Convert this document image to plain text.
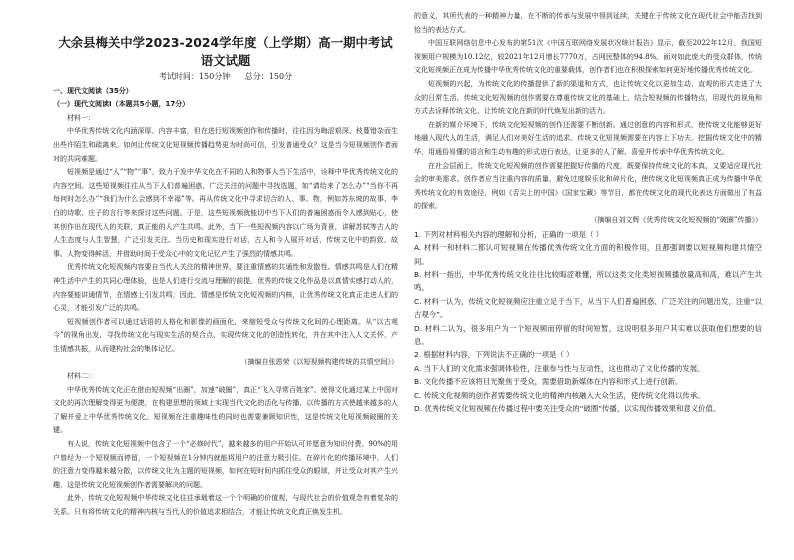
大余县梅关中学2023-2024学年度（上学期）高一期中考试
语文试题
考试时间：150分钟 总分：150分

一、现代文阅读（35分）

（一）现代文阅读Ⅰ（本题共5小题，17分）

材料一：

中华优秀传统文化内涵深厚、内容丰富，但在进行短视频创作和传播时，往往因为晦涩艰深、枝蔓错杂而生出些许陌生和疏离来。如何让传统文化短视频传播趋势更为时尚可信，引发普通受众？这是当今短视频创作者面对的共同难题。

短视频是通过“人”“物”“事”，致力于发中华文化在不同的人和物事人当下生活中，诠释中华优秀传统文化的内容空间。这些短视频往往从当下人们普遍困惑，广泛关注的问题中寻找选题，如“请给来了怎么办”“当你不再每何时怎么办”“我们为什么会感到不幸福”等。再从传统文化中寻求切合的人、事、物，例如苏东坡的故事、李白的诗歌、庄子的言行等来探讨这些问题。于是，这些短视频就能切中当下人们的普遍困惑而令人感到贴心，使其创作出在现代人的关联，真正能的人产生共鸣。此外，当下一些短视频内容以广场为背景，讲解苏轼等古人的人生态度与人生智慧，广泛引发关注。当历史和现实进行对话，古人和今人展开对话，传统文化中的韵致、故事、人物变得鲜活，并借助时间于受众心中的文化记忆产生了强烈的情感共鸣。

优秀传统文化短视频内容要自当代人关注的精神世界，要注重情感的共通性和发散性。情感共鸣是人们在精神生活中产生的共同心理体验，也是人们进行交流与理解的前提。优秀的传统文化作品是以真情实感打动人的，内容要能讲通情节，在情感上引发共鸣，因此，情感是传统文化短视频的内核，让优秀传统文化真正走进人们的心灵，才能引发广泛的共鸣。

短视频创作者可以通过话语的人格化和影像的画面化，来缩短受众与传统文化间的心理距离。从“以古观今”的视角出发，寻找传统文化与现实生活的契合点，实现传统文化的创造性转化，并在其中注入人文关怀，产生情感共振，从而建构社会的集体记忆。

（摘编自张恩荣《以短视频构建传统的共情空间》）

材料二：

中华优秀传统文化正在借由短视频“出圈”，加速“破圈”，真正“飞入寻常百姓家”。使得文化通过某上中国对文化的再次理解变得更为便捷，在构建思想的领域上实现当代文化的活化与传播，以传播的方式使越来越多的人了解并爱上中华优秀传统文化。短视频在注重趣味性的同时也需要兼顾知识性，这是传统文化短视频破圈的关键。

有人说，传统文化短视频中包含了一个“必修时代”，越来越多的用户开始认可并愿意为知识付费。90%的用户曾经为一个短视频而停留，一个短视频在1分钟内就能将用户的注意力吸引住。在碎片化的传播环境中，人们的注意力变得越来越分散，以传统文化为主题的短视频，如何在短时间内抓住受众的眼球，并让受众对其产生兴趣，这是传统文化短视频创作者需要解决的问题。

此外，传统文化短视频中华传统文化往往承载着这一个个明确的价值观，与现代社会的价值观念有着复杂的关系。只有将传统文化的精神内核与当代人的价值追求相结合，才能让传统文化真正焕发生机。

的意义，其所代表的一种精神力量，在不断的传承与发展中得到延续，关键在于传统文化在现代社会中能否找到恰当的表达方式。

中国互联网络信息中心发布的第51次《中国互联网络发展状况统计报告》显示，截至2022年12月，我国短视频用户规模为10.12亿，较2021年12月增长7770万，占网民整体的94.8%。面对如此庞大的受众群体，传统文化短视频正在成为传播中华优秀传统文化的重要载体，创作者们也在积极探索如何更好地传播优秀传统文化。

短视频的兴起，为传统文化的传播提供了新的渠道和方式，也让传统文化以更加生动、直观的形式走进了大众的日常生活。传统文化短视频的创作需要在尊重传统文化的基础上，结合短视频的传播特点，用现代的视角和方式去诠释传统文化，让传统文化在新的时代焕发出新的活力。

在新的媒介环境下，传统文化短视频的创作还需要不断创新。通过创意的内容和形式，使传统文化能够更好地融入现代人的生活，满足人们对美好生活的追求。传统文化短视频需要在内容上下功夫，挖掘传统文化中的精华，用通俗易懂的语言和生动有趣的形式进行表达，让更多的人了解、喜爱并传承中华优秀传统文化。

在社会层面上，传统文化短视频的创作需要把握好传播的尺度，既要保持传统文化的本真，又要适应现代社会的审美需求。创作者应当注重内容的质量，避免过度娱乐化和碎片化，使传统文化短视频真正成为传播中华优秀传统文化的有效途径，例如《舌尖上的中国》《国家宝藏》等节目，都在传统文化的现代化表达方面做出了有益的探索。

（摘编自刘文辉《优秀传统文化短视频的“破圈”传播》）

1. 下列对材料相关内容的理解和分析，正确的一项是（ ）

A. 材料一和材料二都认可短视频在传播优秀传统文化方面的积极作用，且都强调要以短视频构建共情空间。

B. 材料一指出，中华优秀传统文化往往比较晦涩难懂，所以这类文化类短视频播放量高和高，难以产生共鸣。

C. 材料一认为，传统文化短视频应注重立足于当下，从当下人们普遍困惑、广泛关注的问题出发，注重“以古观今”。

D. 材料二认为，很多用户为一个短视频而停留的时间短暂，这说明很多用户其实难以获取他们想要的信息。

2. 根据材料内容，下列说法不正确的一项是（ ）

A. 当下人们的文化需求强调体验性，注重参与性与互动性，这也推动了文化传播的发展。

B. 文化传播不应该将目光聚焦于受众，需要借助新媒体在内容和形式上进行创新。

C. 传统文化视频的创作者需要传统文化的精神内核融入大众生活，使传统文化得以传承。

D. 优秀传统文化短视频在传播过程中要关注受众的“破圈”传播，以实现传播效果和意义价值。
